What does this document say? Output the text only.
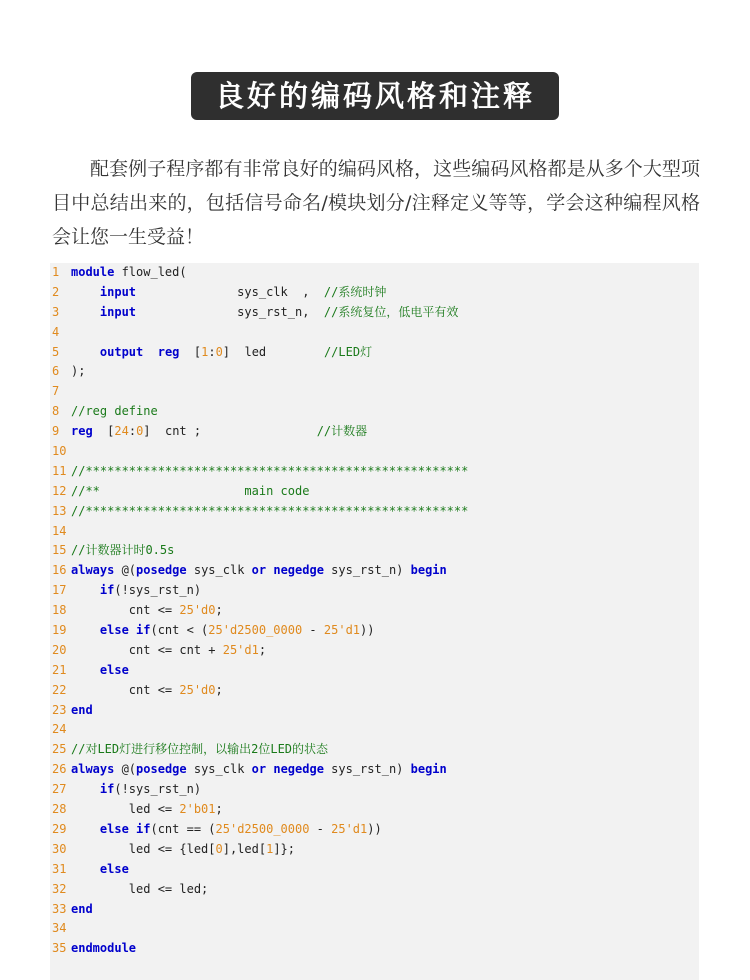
良好的编码风格和注释

配套例子程序都有非常良好的编码风格，这些编码风格都是从多个大型项目中总结出来的，包括信号命名/模块划分/注释定义等等，学会这种编程风格会让您一生受益！

1 module flow_led(
2	input              sys_clk  ,  //系统时钟
3	input              sys_rst_n,  //系统复位，低电平有效
4
5	output reg  [1:0]  led        //LED灯
6 );
7
8 //reg define
9 reg  [24:0]  cnt ;                //计数器
10
11 //*****************************************************
12 //**                    main code
13 //*****************************************************
14
15 //计数器计时0.5s
16 always @(posedge sys_clk or negedge sys_rst_n) begin
17	if(!sys_rst_n)
18 cnt <= 25'd0;
19	else if(cnt < (25'd2500_0000 - 25'd1))
20 cnt <= cnt + 25'd1;
21	else
22 cnt <= 25'd0;
23 end
24
25 //对LED灯进行移位控制，以输出2位LED的状态
26 always @(posedge sys_clk or negedge sys_rst_n) begin
27	if(!sys_rst_n)
28 led <= 2'b01;
29	else if(cnt == (25'd2500_0000 - 25'd1))
30 led <= {led[0],led[1]};
31	else
32 led <= led;
33 end
34
35 endmodule
